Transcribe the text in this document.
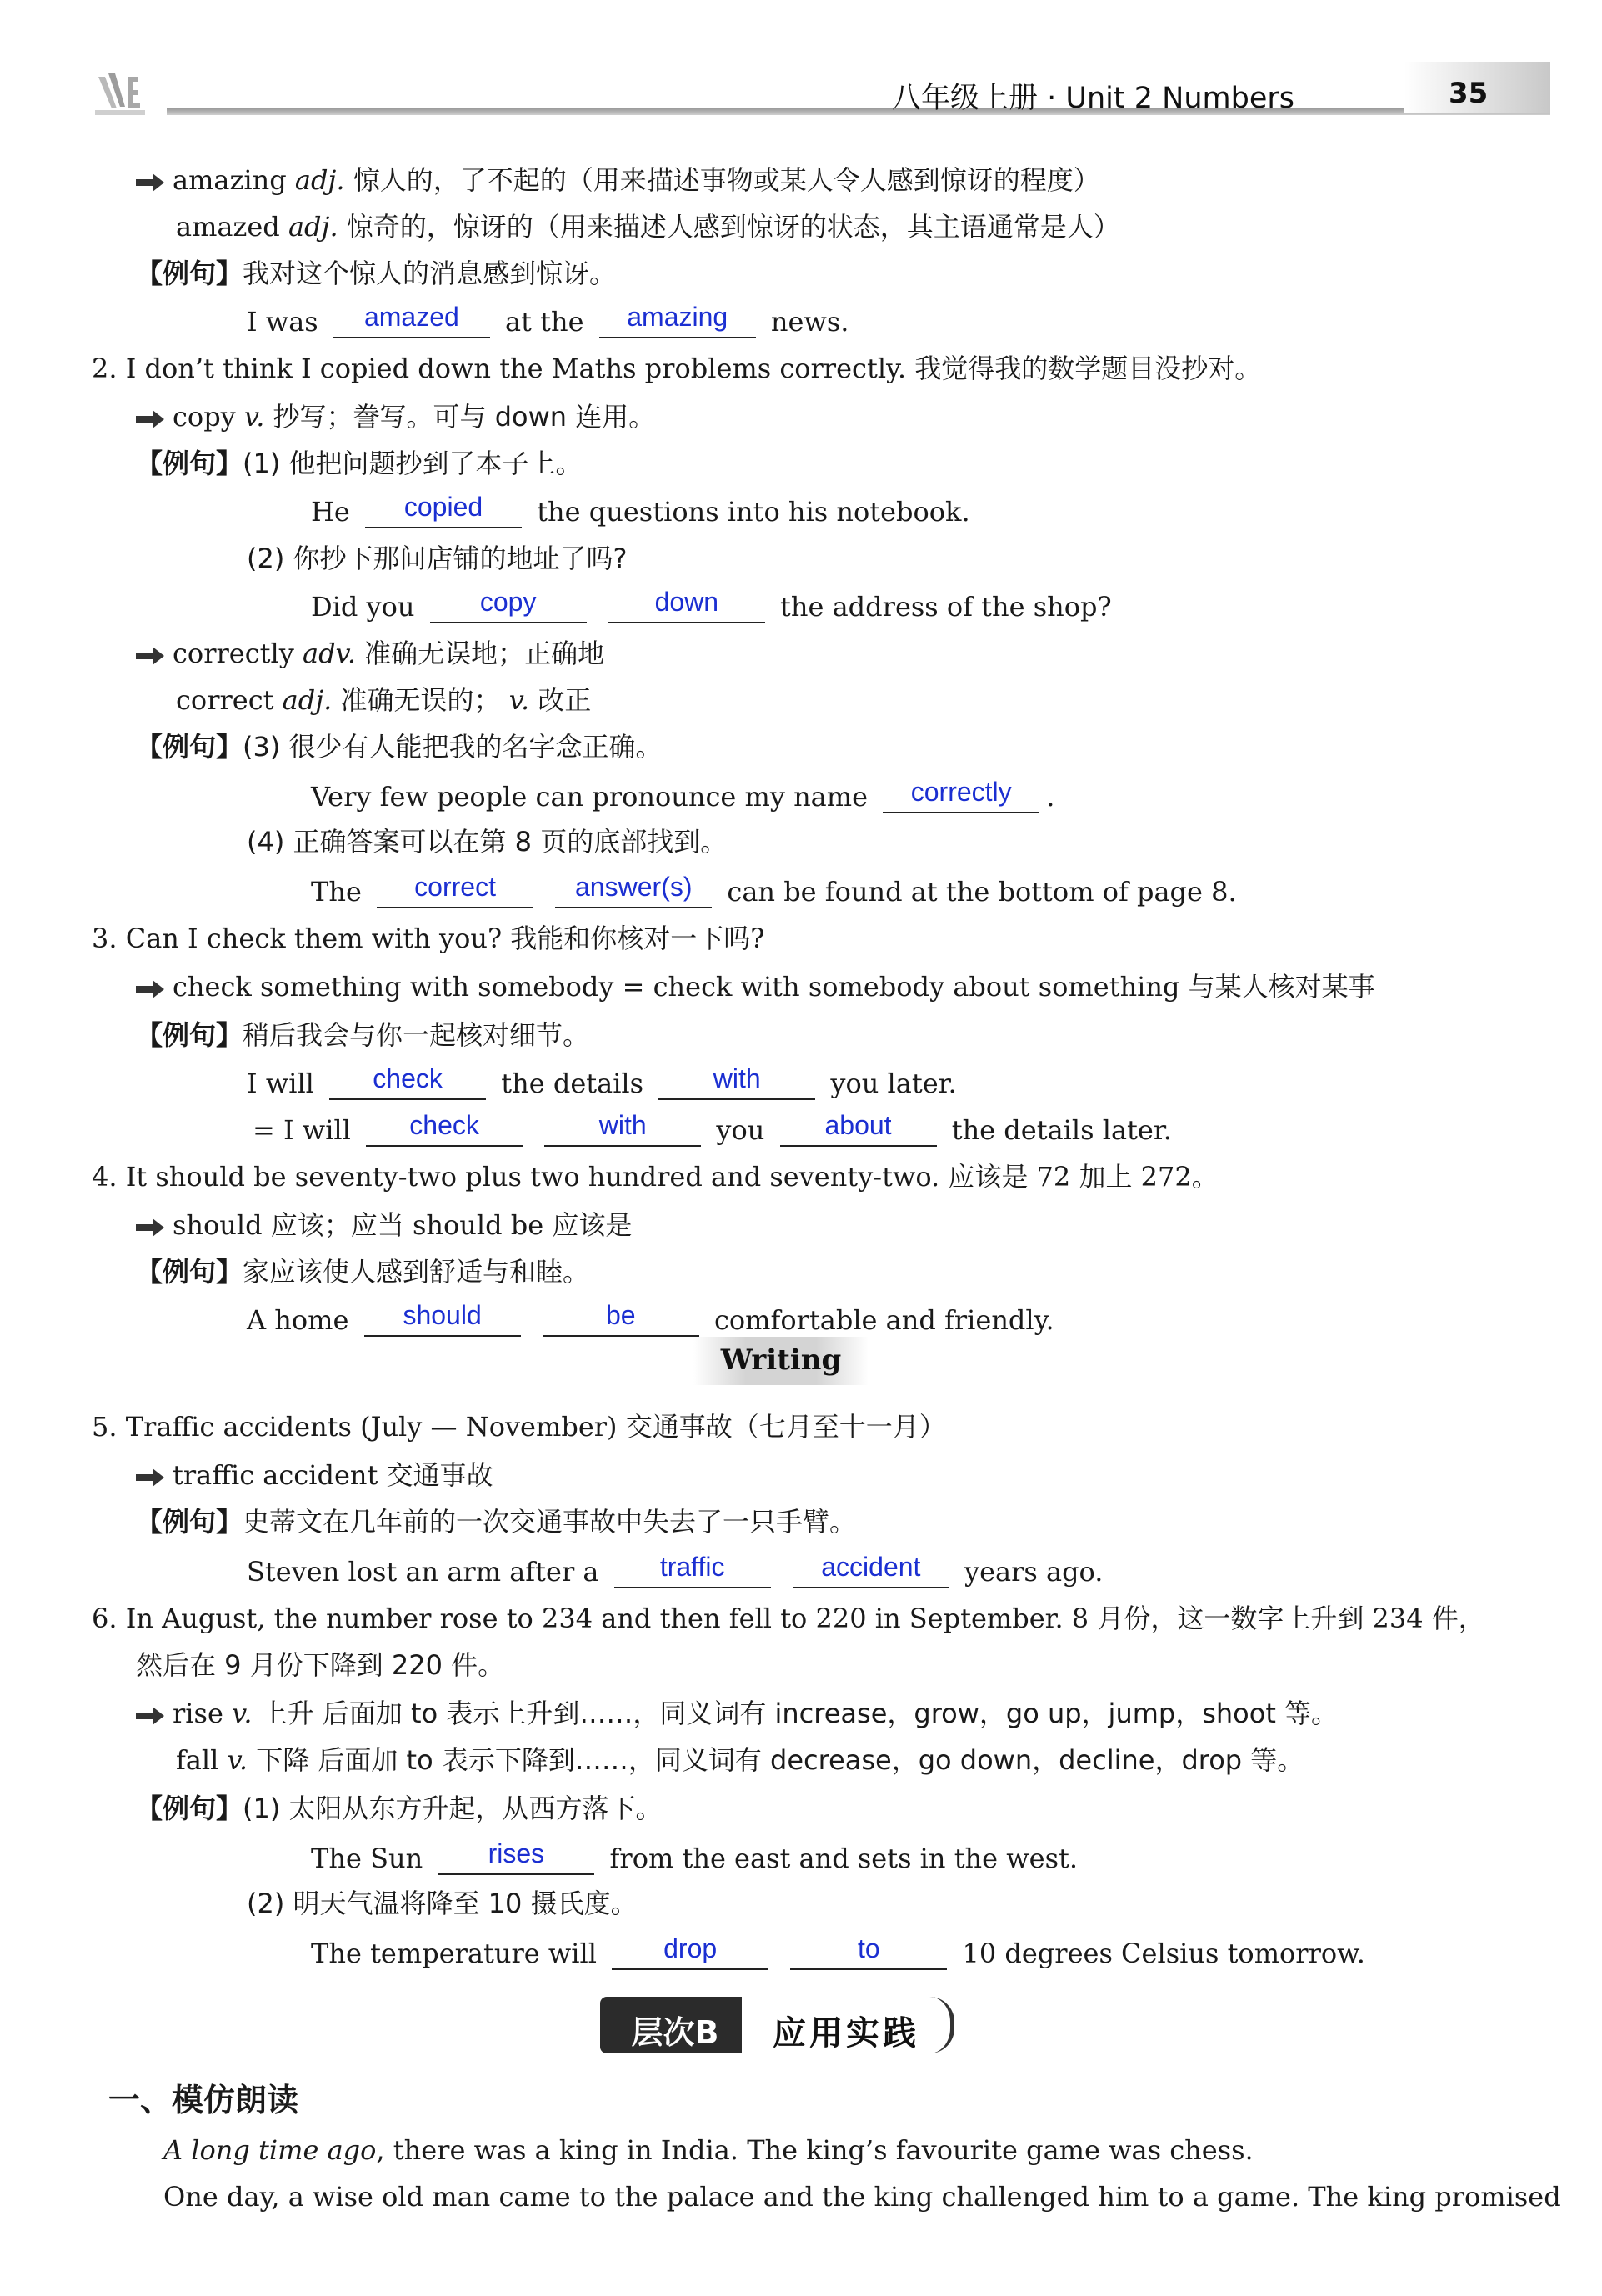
八年级上册 · Unit 2 Numbers	35
amazing adj. 惊人的，了不起的（用来描述事物或某人令人感到惊讶的程度）
amazed adj. 惊奇的，惊讶的（用来描述人感到惊讶的状态，其主语通常是人）
【例句】我对这个惊人的消息感到惊讶。
I was	amazed	at the	amazing	news.
2. I don’t think I copied down the Maths problems correctly. 我觉得我的数学题目没抄对。
copy v. 抄写；誊写。可与 down 连用。
【例句】(1) 他把问题抄到了本子上。
He	copied	the questions into his notebook.
(2) 你抄下那间店铺的地址了吗?
Did you	copy
	down	the address of the shop?
correctly adv. 准确无误地；正确地
correct adj. 准确无误的； v. 改正
【例句】(3) 很少有人能把我的名字念正确。
Very few people can pronounce my name	correctly	.
(4) 正确答案可以在第 8 页的底部找到。
The	correct
	answer(s)	can be found at the bottom of page 8.
3. Can I check them with you? 我能和你核对一下吗?
check something with somebody = check with somebody about something 与某人核对某事
【例句】稍后我会与你一起核对细节。
I will	check	the details	with	you later.
= I will	check
	with	you	about	the details later.
4. It should be seventy-two plus two hundred and seventy-two. 应该是 72 加上 272。
should 应该；应当 should be 应该是
【例句】家应该使人感到舒适与和睦。
A home	should
	be	comfortable and friendly.
Writing
5. Traffic accidents (July — November) 交通事故（七月至十一月）
traffic accident 交通事故
【例句】史蒂文在几年前的一次交通事故中失去了一只手臂。
Steven lost an arm after a	traffic
	accident	years ago.
6. In August, the number rose to 234 and then fell to 220 in September. 8 月份，这一数字上升到 234 件，
然后在 9 月份下降到 220 件。
rise v. 上升 后面加 to 表示上升到……，同义词有 increase，grow，go up，jump，shoot 等。
fall v. 下降 后面加 to 表示下降到……，同义词有 decrease，go down，decline，drop 等。
【例句】(1) 太阳从东方升起，从西方落下。
The Sun	rises	from the east and sets in the west.
(2) 明天气温将降至 10 摄氏度。
The temperature will	drop
	to	10 degrees Celsius tomorrow.
层次B	应用实践
一、模仿朗读
A long time ago, there was a king in India. The king’s favourite game was chess.
One day, a wise old man came to the palace and the king challenged him to a game. The king promised
